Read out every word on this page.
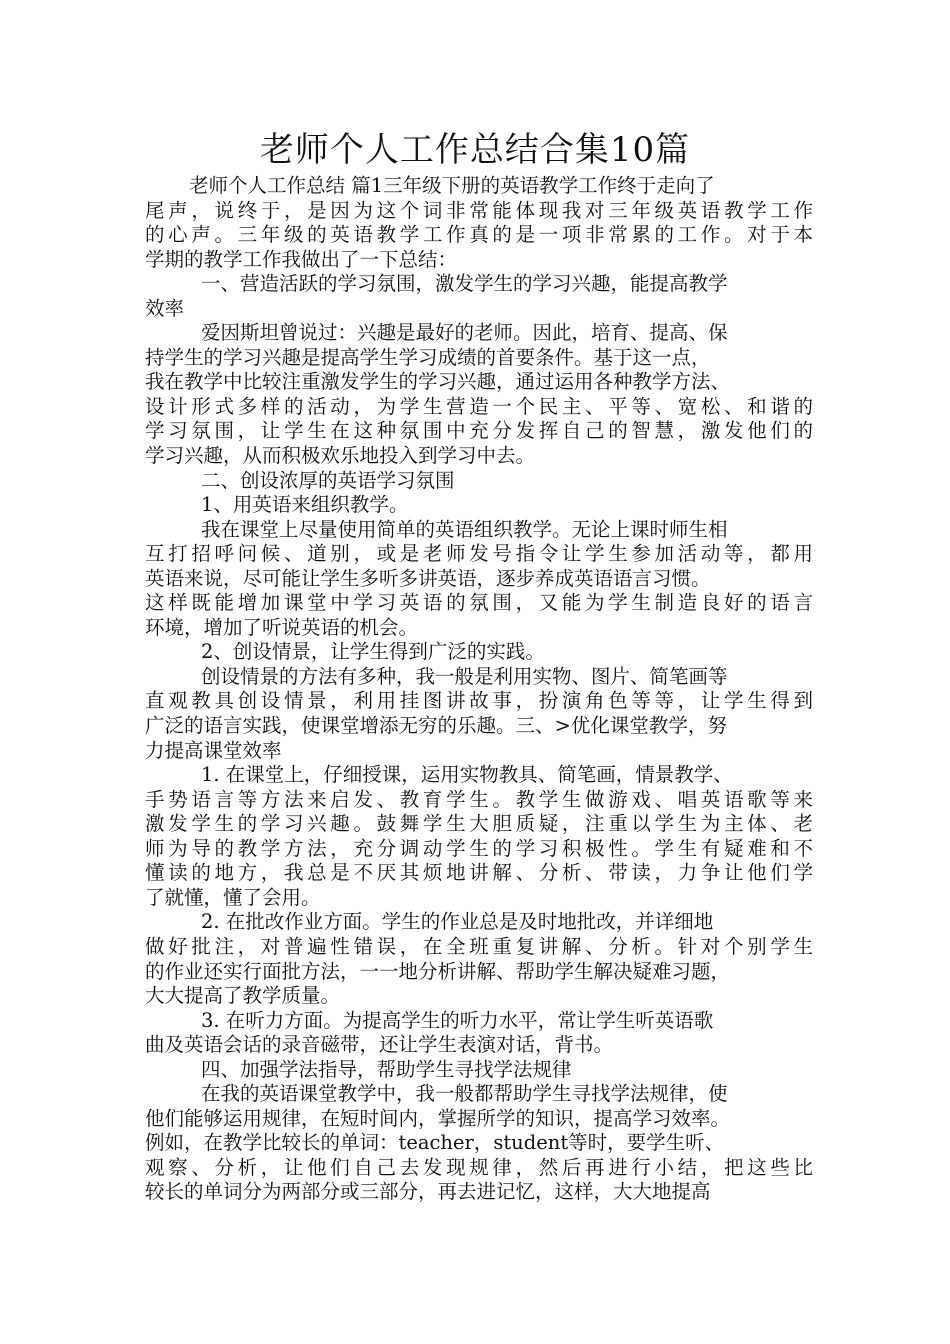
老师个人工作总结合集10篇
老师个人工作总结 篇1三年级下册的英语教学工作终于走向了
尾声，说终于，是因为这个词非常能体现我对三年级英语教学工作
的心声。三年级的英语教学工作真的是一项非常累的工作。对于本
学期的教学工作我做出了一下总结：
一、营造活跃的学习氛围，激发学生的学习兴趣，能提高教学
效率
爱因斯坦曾说过：兴趣是最好的老师。因此，培育、提高、保
持学生的学习兴趣是提高学生学习成绩的首要条件。基于这一点，
我在教学中比较注重激发学生的学习兴趣，通过运用各种教学方法、
设计形式多样的活动，为学生营造一个民主、平等、宽松、和谐的
学习氛围，让学生在这种氛围中充分发挥自己的智慧，激发他们的
学习兴趣，从而积极欢乐地投入到学习中去。
二、创设浓厚的英语学习氛围
1、用英语来组织教学。
我在课堂上尽量使用简单的英语组织教学。无论上课时师生相
互打招呼问候、道别，或是老师发号指令让学生参加活动等，都用
英语来说，尽可能让学生多听多讲英语，逐步养成英语语言习惯。
这样既能增加课堂中学习英语的氛围，又能为学生制造良好的语言
环境，增加了听说英语的机会。
2、创设情景，让学生得到广泛的实践。
创设情景的方法有多种，我一般是利用实物、图片、简笔画等
直观教具创设情景，利用挂图讲故事，扮演角色等等，让学生得到
广泛的语言实践，使课堂增添无穷的乐趣。三、>优化课堂教学，努
力提高课堂效率
1. 在课堂上，仔细授课，运用实物教具、简笔画，情景教学、
手势语言等方法来启发、教育学生。教学生做游戏、唱英语歌等来
激发学生的学习兴趣。鼓舞学生大胆质疑，注重以学生为主体、老
师为导的教学方法，充分调动学生的学习积极性。学生有疑难和不
懂读的地方，我总是不厌其烦地讲解、分析、带读，力争让他们学
了就懂，懂了会用。
2. 在批改作业方面。学生的作业总是及时地批改，并详细地
做好批注，对普遍性错误，在全班重复讲解、分析。针对个别学生
的作业还实行面批方法，一一地分析讲解、帮助学生解决疑难习题，
大大提高了教学质量。
3. 在听力方面。为提高学生的听力水平，常让学生听英语歌
曲及英语会话的录音磁带，还让学生表演对话，背书。
四、加强学法指导，帮助学生寻找学法规律
在我的英语课堂教学中，我一般都帮助学生寻找学法规律，使
他们能够运用规律，在短时间内，掌握所学的知识，提高学习效率。
例如，在教学比较长的单词：teacher，student等时，要学生听、
观察、分析，让他们自己去发现规律，然后再进行小结，把这些比
较长的单词分为两部分或三部分，再去进记忆，这样，大大地提高
